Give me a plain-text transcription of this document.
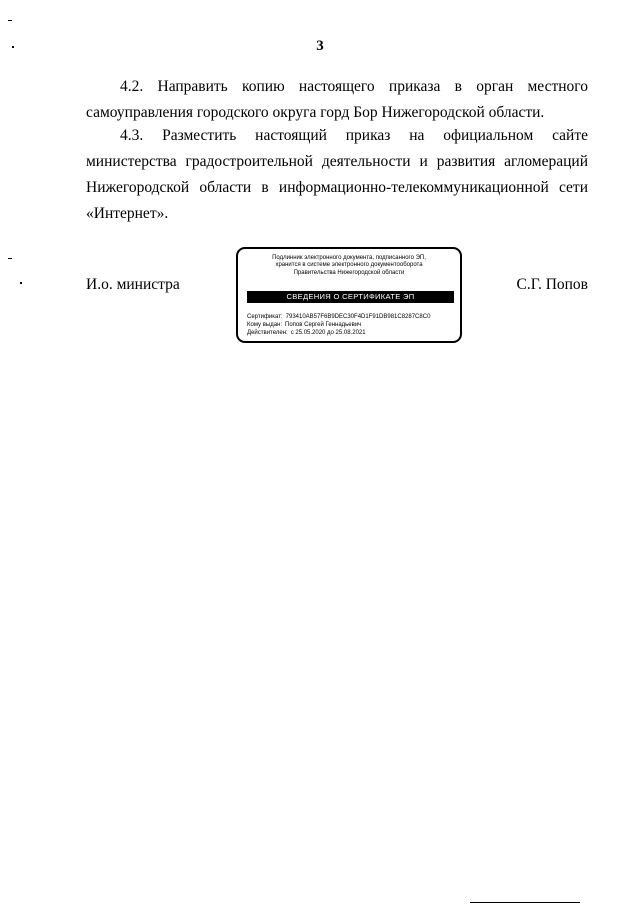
3

4.2. Направить копию настоящего приказа в орган местного самоуправления городского округа горд Бор Нижегородской области.

4.3. Разместить настоящий приказ на официальном сайте министерства градостроительной деятельности и развития агломераций Нижегородской области в информационно-телекоммуникационной сети «Интернет».

И.о. министра	С.Г. Попов
Подлинник электронного документа, подписанного ЭП,
хранится в системе электронного документооборота
Правительства Нижегородской области
СВЕДЕНИЯ О СЕРТИФИКАТЕ ЭП
Сертификат: 793410AB57F6B9DEC30F4D1F91DB981C8287C8C0
Кому выдан: Попов Сергей Геннадьевич
Действителен: с 25.05.2020 до 25.08.2021
